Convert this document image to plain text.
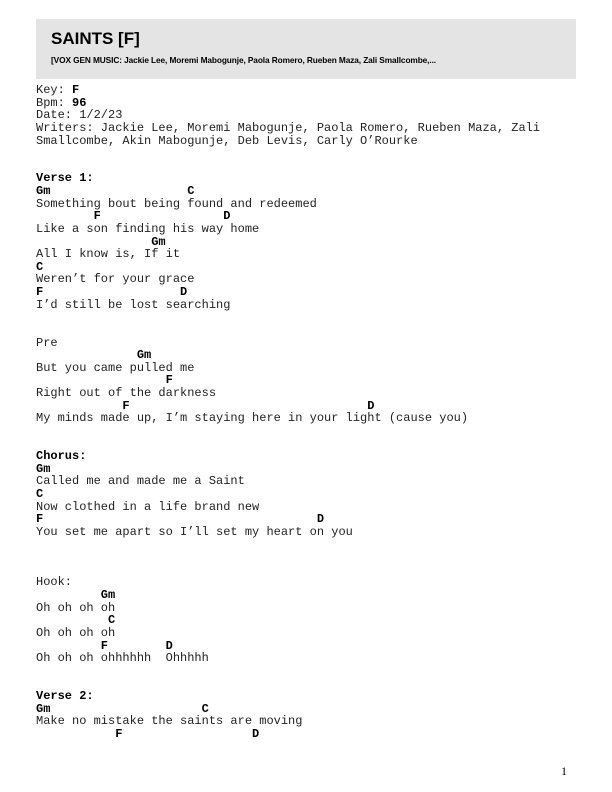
SAINTS [F]
[VOX GEN MUSIC: Jackie Lee, Moremi Mabogunje, Paola Romero, Rueben Maza, Zali Smallcombe,...
Key: F
Bpm: 96
Date: 1/2/23
Writers: Jackie Lee, Moremi Mabogunje, Paola Romero, Rueben Maza, Zali
Smallcombe, Akin Mabogunje, Deb Levis, Carly O’Rourke
Verse 1:
Gm                   C
Something bout being found and redeemed
F                 D
Like a son finding his way home
Gm
All I know is, If it
C
Weren’t for your grace
F                   D
I’d still be lost searching
Pre
Gm
But you came pulled me
F
Right out of the darkness
F                                 D
My minds made up, I’m staying here in your light (cause you)
Chorus:
Gm
Called me and made me a Saint
C
Now clothed in a life brand new
F                                      D
You set me apart so I’ll set my heart on you
Hook:
Gm
Oh oh oh oh
C
Oh oh oh oh
F        D
Oh oh oh ohhhhhh  Ohhhhh
Verse 2:
Gm                     C
Make no mistake the saints are moving
F                  D
1
